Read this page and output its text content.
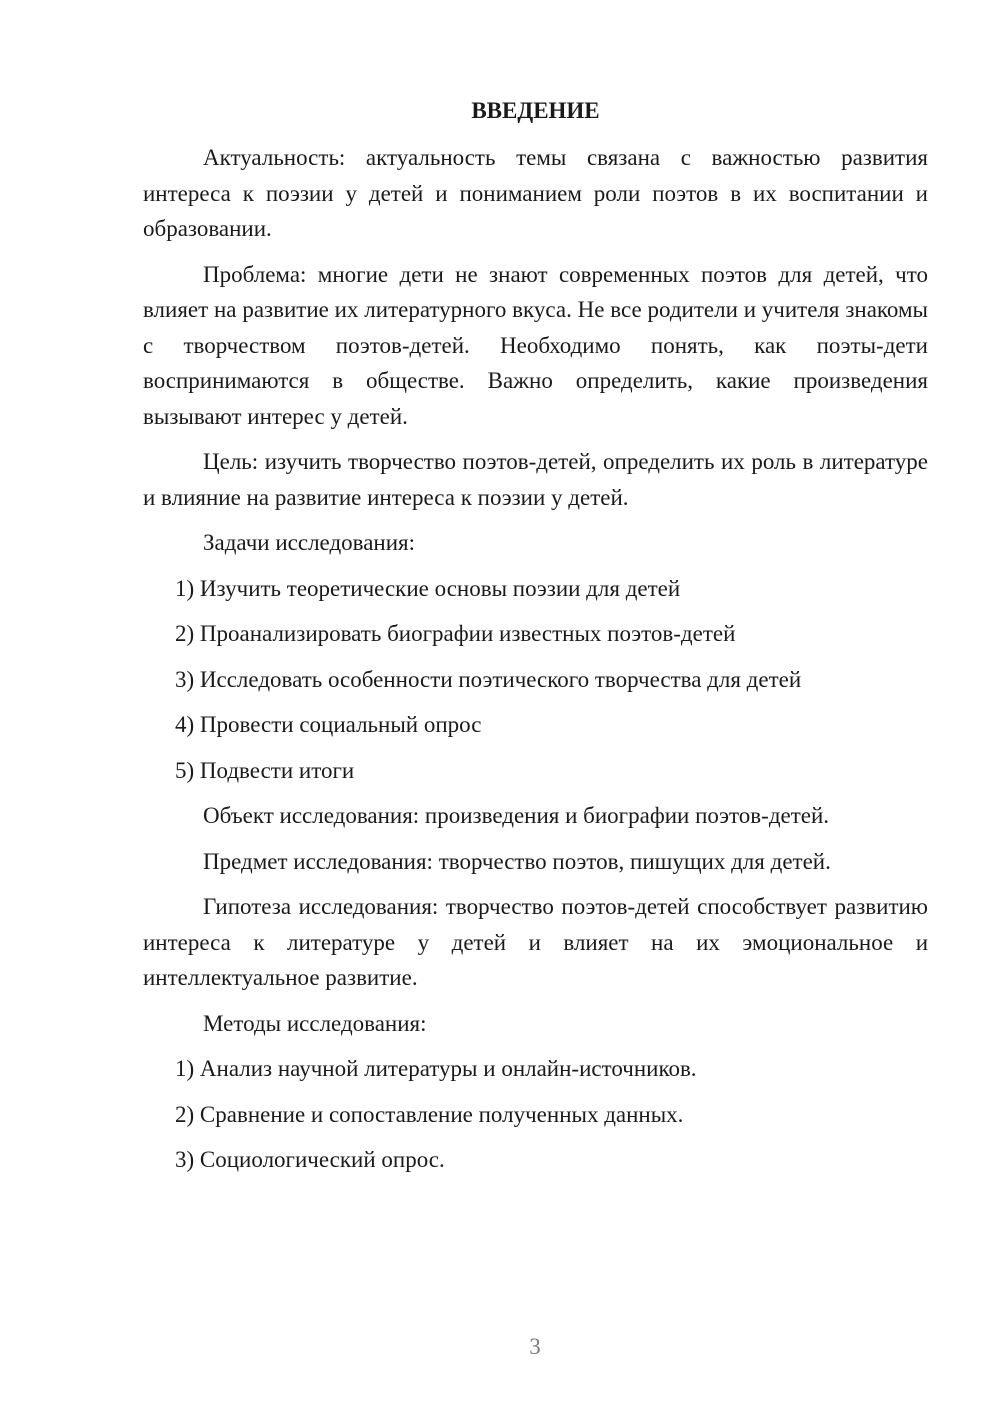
ВВЕДЕНИЕ

Актуальность: актуальность темы связана с важностью развития интереса к поэзии у детей и пониманием роли поэтов в их воспитании и образовании.

Проблема: многие дети не знают современных поэтов для детей, что влияет на развитие их литературного вкуса. Не все родители и учителя знакомы с творчеством поэтов-детей. Необходимо понять, как поэты-дети воспринимаются в обществе. Важно определить, какие произведения вызывают интерес у детей.

Цель: изучить творчество поэтов-детей, определить их роль в литературе и влияние на развитие интереса к поэзии у детей.

Задачи исследования:

1) Изучить теоретические основы поэзии для детей

2) Проанализировать биографии известных поэтов-детей

3) Исследовать особенности поэтического творчества для детей

4) Провести социальный опрос

5) Подвести итоги

Объект исследования: произведения и биографии поэтов-детей.

Предмет исследования: творчество поэтов, пишущих для детей.

Гипотеза исследования: творчество поэтов-детей способствует развитию интереса к литературе у детей и влияет на их эмоциональное и интеллектуальное развитие.

Методы исследования:

1) Анализ научной литературы и онлайн-источников.

2) Сравнение и сопоставление полученных данных.

3) Социологический опрос.

3
